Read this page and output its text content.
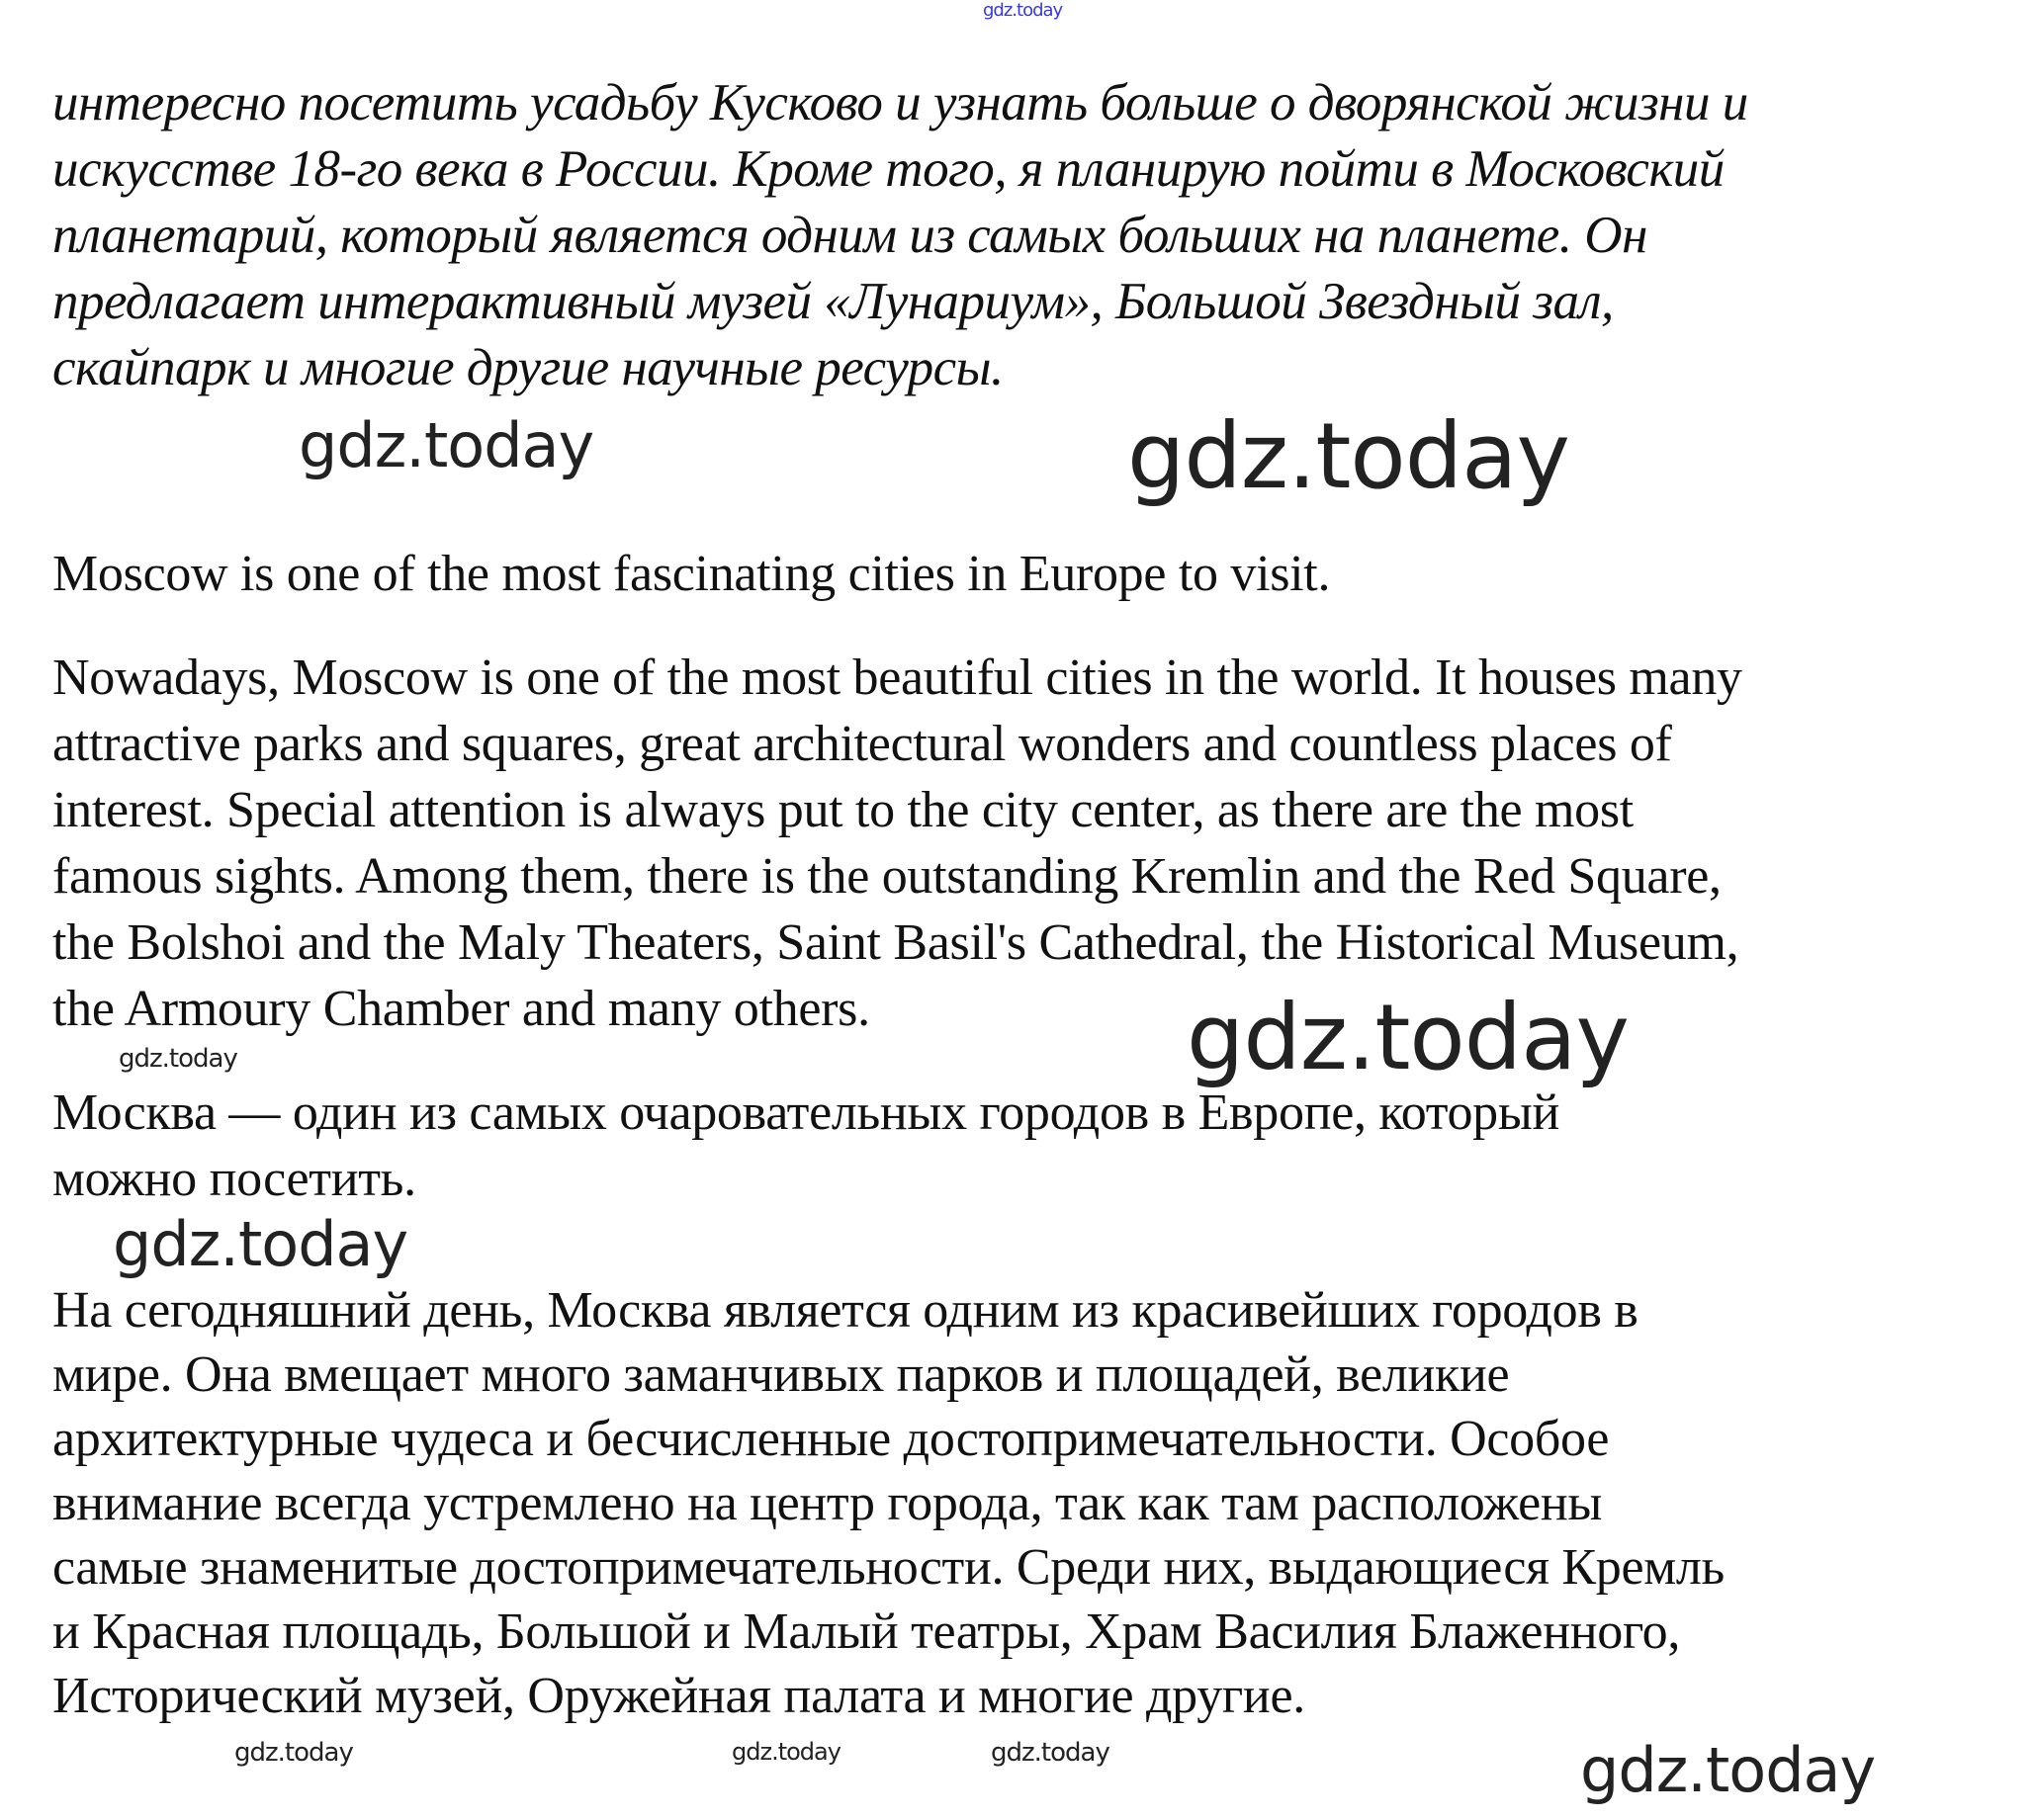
gdz.today
интересно посетить усадьбу Кусково и узнать больше о дворянской жизни и
искусстве 18-го века в России. Кроме того, я планирую пойти в Московский
планетарий, который является одним из самых больших на планете. Он
предлагает интерактивный музей «Лунариум», Большой Звездный зал,
скайпарк и многие другие научные ресурсы.
Moscow is one of the most fascinating cities in Europe to visit.
Nowadays, Moscow is one of the most beautiful cities in the world. It houses many
attractive parks and squares, great architectural wonders and countless places of
interest. Special attention is always put to the city center, as there are the most
famous sights. Among them, there is the outstanding Kremlin and the Red Square,
the Bolshoi and the Maly Theaters, Saint Basil's Cathedral, the Historical Museum,
the Armoury Chamber and many others.
Москва — один из самых очаровательных городов в Европе, который
можно посетить.
На сегодняшний день, Москва является одним из красивейших городов в
мире. Она вмещает много заманчивых парков и площадей, великие
архитектурные чудеса и бесчисленные достопримечательности. Особое
внимание всегда устремлено на центр города, так как там расположены
самые знаменитые достопримечательности. Среди них, выдающиеся Кремль
и Красная площадь, Большой и Малый театры, Храм Василия Блаженного,
Исторический музей, Оружейная палата и многие другие.
gdz.today	gdz.today
gdz.today	gdz.today
gdz.today
gdz.today	gdz.today	gdz.today	gdz.today
